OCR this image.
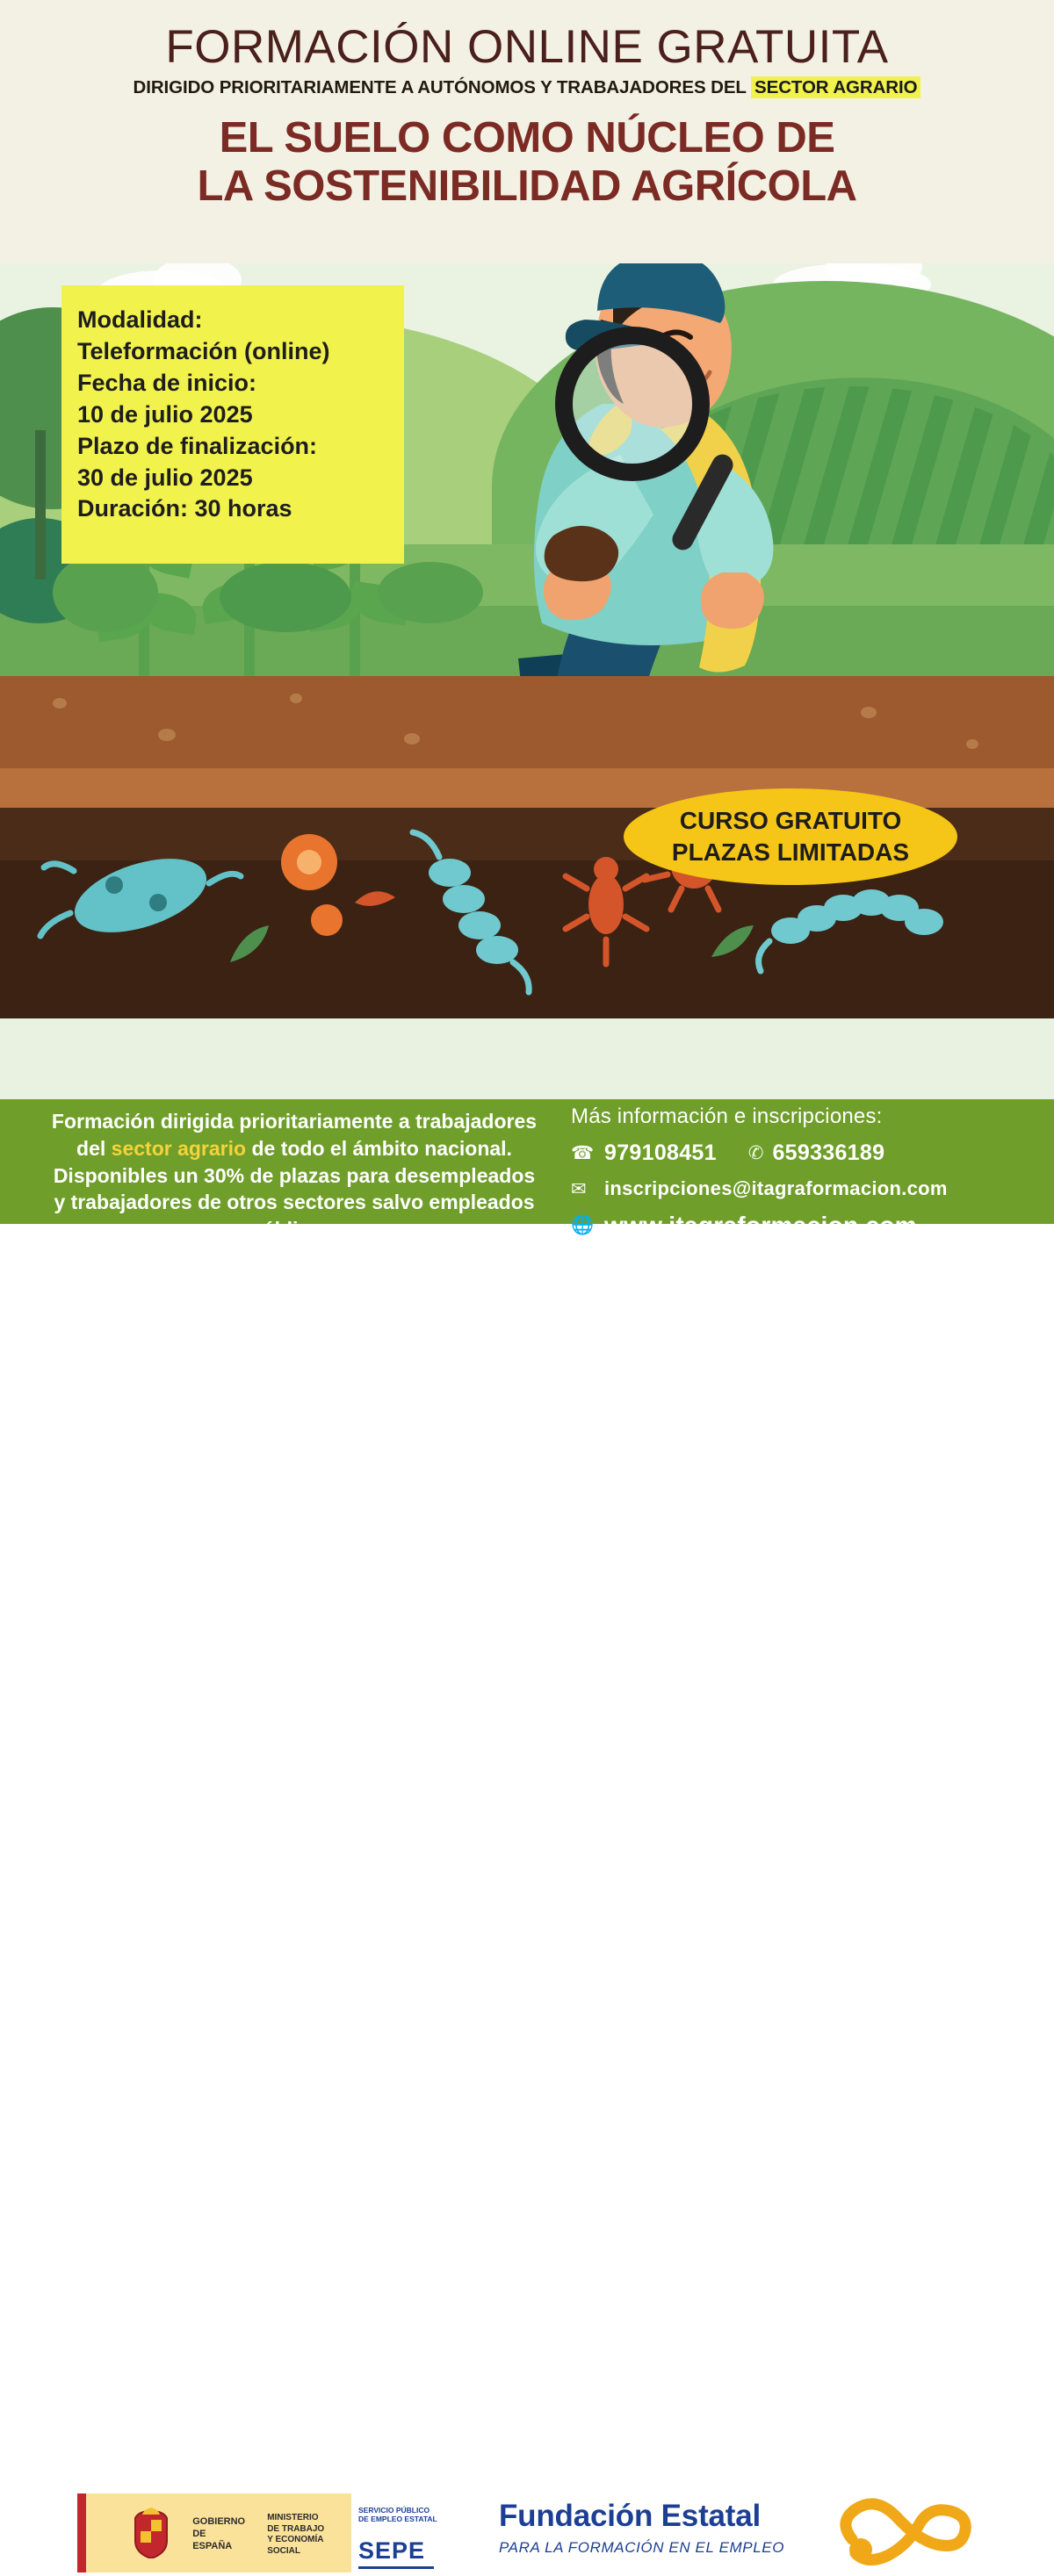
FORMACIÓN ONLINE GRATUITA
DIRIGIDO PRIORITARIAMENTE A AUTÓNOMOS Y TRABAJADORES DEL SECTOR AGRARIO
EL SUELO COMO NÚCLEO DE
LA SOSTENIBILIDAD AGRÍCOLA

Modalidad:

Teleformación (online)

Fecha de inicio:

10 de julio 2025

Plazo de finalización:

30 de julio 2025

Duración: 30 horas

CURSO GRATUITO
PLAZAS LIMITADAS
Formación dirigida prioritariamente a trabajadores del sector agrario de todo el ámbito nacional. Disponibles un 30% de plazas para desempleados y trabajadores de otros sectores salvo empleados públicos.
Más información e inscripciones:
☎ 979108451 ✆ 659336189
✉ inscripciones@itagraformacion.com
🌐 www.itagraformacion.com
GOBIERNO
DE ESPAÑA
MINISTERIO
DE TRABAJO
Y ECONOMÍA SOCIAL
SERVICIO PÚBLICO
DE EMPLEO ESTATAL
SEPE
Fundación Estatal
PARA LA FORMACIÓN EN EL EMPLEO
